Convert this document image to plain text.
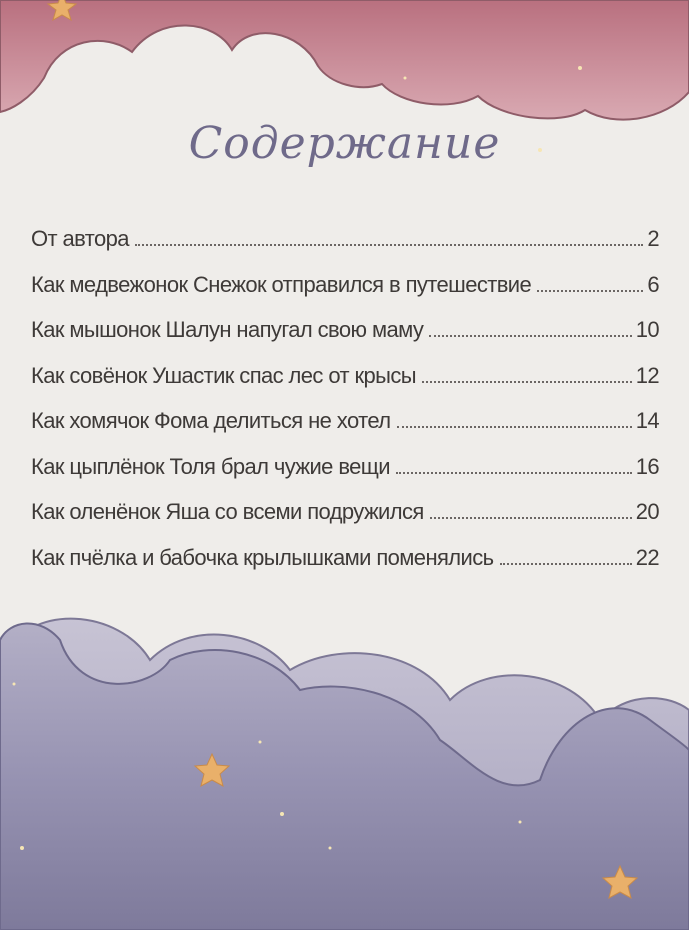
Содержание
От автора	2
Как медвежонок Снежок отправился в путешествие	6
Как мышонок Шалун напугал свою маму	10
Как совёнок Ушастик спас лес от крысы	12
Как хомячок Фома делиться не хотел	14
Как цыплёнок Толя брал чужие вещи	16
Как оленёнок Яша со всеми подружился	20
Как пчёлка и бабочка крылышками поменялись	22
